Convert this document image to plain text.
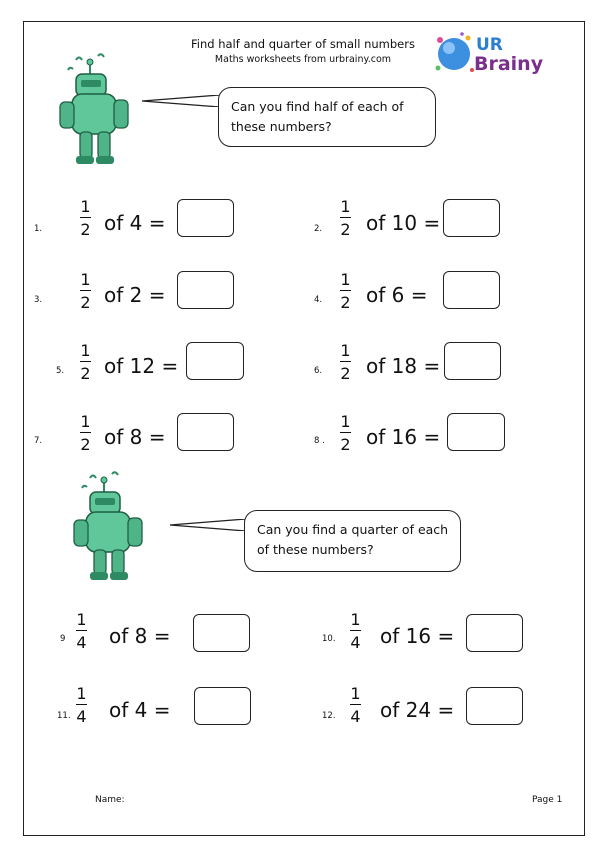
Find half and quarter of small numbers
Maths worksheets from urbrainy.com
UR
Brainy
Can you find half of each of
these numbers?
1.
1
2 of 4 =	2.
1
2 of 10 =
3.
1
2 of 2 =	4.
1
2 of 6 =
5.
1
2 of 12 =	6.
1
2 of 18 =
7.
1
2 of 8 =	8 .
1
2 of 16 =
Can you find a quarter of each
of these numbers?
9
1
4 of 8 =	10.
1
4 of 16 =
11.
1
4 of 4 =	12.
1
4 of 24 =
Name:	Page 1
